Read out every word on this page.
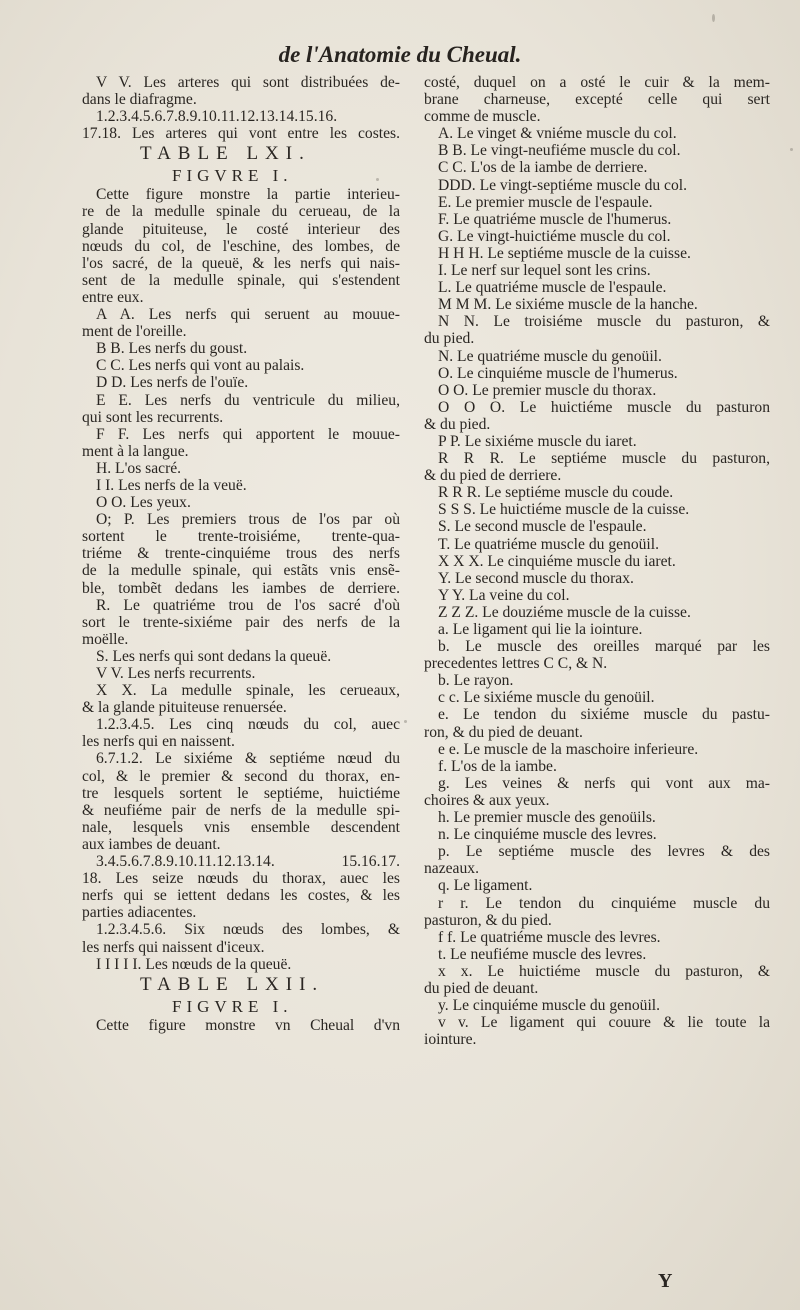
de l'Anatomie du Cheual.
V V. Les arteres qui sont distribuées de-
dans le diafragme.
1.2.3.4.5.6.7.8.9.10.11.12.13.14.15.16.
17.18. Les arteres qui vont entre les costes.
TABLE LXI.
FIGVRE I.
Cette figure monstre la partie interieu-
re de la medulle spinale du cerueau, de la
glande pituiteuse, le costé interieur des
nœuds du col, de l'eschine, des lombes, de
l'os sacré, de la queuë, & les nerfs qui nais-
sent de la medulle spinale, qui s'estendent
entre eux.
A A. Les nerfs qui seruent au mouue-
ment de l'oreille.
B B. Les nerfs du goust.
C C. Les nerfs qui vont au palais.
D D. Les nerfs de l'ouïe.
E E. Les nerfs du ventricule du milieu,
qui sont les recurrents.
F F. Les nerfs qui apportent le mouue-
ment à la langue.
H. L'os sacré.
I I. Les nerfs de la veuë.
O O. Les yeux.
O; P. Les premiers trous de l'os par où
sortent le trente-troisiéme, trente-qua-
triéme & trente-cinquiéme trous des nerfs
de la medulle spinale, qui estãts vnis ensẽ-
ble, tombẽt dedans les iambes de derriere.
R. Le quatriéme trou de l'os sacré d'où
sort le trente-sixiéme pair des nerfs de la
moëlle.
S. Les nerfs qui sont dedans la queuë.
V V. Les nerfs recurrents.
X X. La medulle spinale, les cerueaux,
& la glande pituiteuse renuersée.
1.2.3.4.5. Les cinq nœuds du col, auec
les nerfs qui en naissent.
6.7.1.2. Le sixiéme & septiéme nœud du
col, & le premier & second du thorax, en-
tre lesquels sortent le septiéme, huictiéme
& neufiéme pair de nerfs de la medulle spi-
nale, lesquels vnis ensemble descendent
aux iambes de deuant.
3.4.5.6.7.8.9.10.11.12.13.14. 15.16.17.
18. Les seize nœuds du thorax, auec les
nerfs qui se iettent dedans les costes, & les
parties adiacentes.
1.2.3.4.5.6. Six nœuds des lombes, &
les nerfs qui naissent d'iceux.
I I I I I. Les nœuds de la queuë.
TABLE LXII.
FIGVRE I.
Cette figure monstre vn Cheual d'vn
costé, duquel on a osté le cuir & la mem-
brane charneuse, excepté celle qui sert
comme de muscle.
A. Le vinget & vniéme muscle du col.
B B. Le vingt-neufiéme muscle du col.
C C. L'os de la iambe de derriere.
DDD. Le vingt-septiéme muscle du col.
E. Le premier muscle de l'espaule.
F. Le quatriéme muscle de l'humerus.
G. Le vingt-huictiéme muscle du col.
H H H. Le septiéme muscle de la cuisse.
I. Le nerf sur lequel sont les crins.
L. Le quatriéme muscle de l'espaule.
M M M. Le sixiéme muscle de la hanche.
N N. Le troisiéme muscle du pasturon, &
du pied.
N. Le quatriéme muscle du genoüil.
O. Le cinquiéme muscle de l'humerus.
O O. Le premier muscle du thorax.
O O O. Le huictiéme muscle du pasturon
& du pied.
P P. Le sixiéme muscle du iaret.
R R R. Le septiéme muscle du pasturon,
& du pied de derriere.
R R R. Le septiéme muscle du coude.
S S S. Le huictiéme muscle de la cuisse.
S. Le second muscle de l'espaule.
T. Le quatriéme muscle du genoüil.
X X X. Le cinquiéme muscle du iaret.
Y. Le second muscle du thorax.
Y Y. La veine du col.
Z Z Z. Le douziéme muscle de la cuisse.
a. Le ligament qui lie la iointure.
b. Le muscle des oreilles marqué par les
precedentes lettres C C, & N.
b. Le rayon.
c c. Le sixiéme muscle du genoüil.
e. Le tendon du sixiéme muscle du pastu-
ron, & du pied de deuant.
e e. Le muscle de la maschoire inferieure.
f. L'os de la iambe.
g. Les veines & nerfs qui vont aux ma-
choires & aux yeux.
h. Le premier muscle des genoüils.
n. Le cinquiéme muscle des levres.
p. Le septiéme muscle des levres & des
nazeaux.
q. Le ligament.
r r. Le tendon du cinquiéme muscle du
pasturon, & du pied.
f f. Le quatriéme muscle des levres.
t. Le neufiéme muscle des levres.
x x. Le huictiéme muscle du pasturon, &
du pied de deuant.
y. Le cinquiéme muscle du genoüil.
v v. Le ligament qui couure & lie toute la
iointure.
Y
